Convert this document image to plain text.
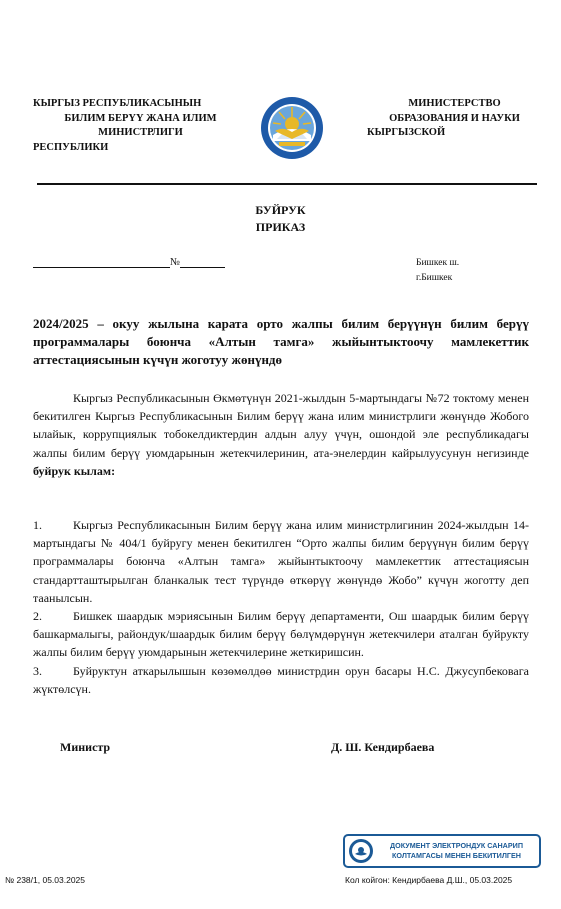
КЫРГЫЗ РЕСПУБЛИКАСЫНЫН
БИЛИМ БЕРҮҮ ЖАНА ИЛИМ
МИНИСТРЛИГИ
МИНИСТЕРСТВО
ОБРАЗОВАНИЯ И НАУКИ
КЫРГЫЗСКОЙ
РЕСПУБЛИКИ
БУЙРУК
ПРИКАЗ
№	Бишкек ш.
г.Бишкек
2024/2025 – окуу жылына карата орто жалпы билим берүүнүн билим берүү программалары боюнча «Алтын тамга» жыйынтыктоочу мамлекеттик аттестациясынын күчүн жоготуу жөнүндө
Кыргыз Республикасынын Өкмөтүнүн 2021-жылдын 5-мартындагы №72 токтому менен бекитилген Кыргыз Республикасынын Билим берүү жана илим министрлиги жөнүндө Жобого ылайык, коррупциялык тобокелдиктердин алдын алуу үчүн, ошондой эле республикадагы жалпы билим берүү уюмдарынын жетекчилеринин, ата-энелердин кайрылуусунун негизинде буйрук кылам:
1.	Кыргыз Республикасынын Билим берүү жана илим министрлигинин 2024-жылдын 14-мартындагы № 404/1 буйругу менен бекитилген “Орто жалпы билим берүүнүн билим берүү программалары боюнча «Алтын тамга» жыйынтыктоочу мамлекеттик аттестациясын стандартташтырылган бланкалык тест түрүндө өткөрүү жөнүндө Жобо” күчүн жоготту деп таанылсын.
2.	Бишкек шаардык мэриясынын Билим берүү департаменти, Ош шаардык билим берүү башкармалыгы, райондук/шаардык билим берүү бөлүмдөрүнүн жетекчилери аталган буйрукту жалпы билим берүү уюмдарынын жетекчилерине жеткиришсин.
3.	Буйруктун аткарылышын көзөмөлдөө министрдин орун басары Н.С. Джусупбековага жүктөлсүн.
Министр	Д. Ш. Кендирбаева
ДОКУМЕНТ ЭЛЕКТРОНДУК САНАРИП
КОЛТАМГАСЫ МЕНЕН БЕКИТИЛГЕН
№ 238/1, 05.03.2025	Кол койгон: Кендирбаева Д.Ш., 05.03.2025
